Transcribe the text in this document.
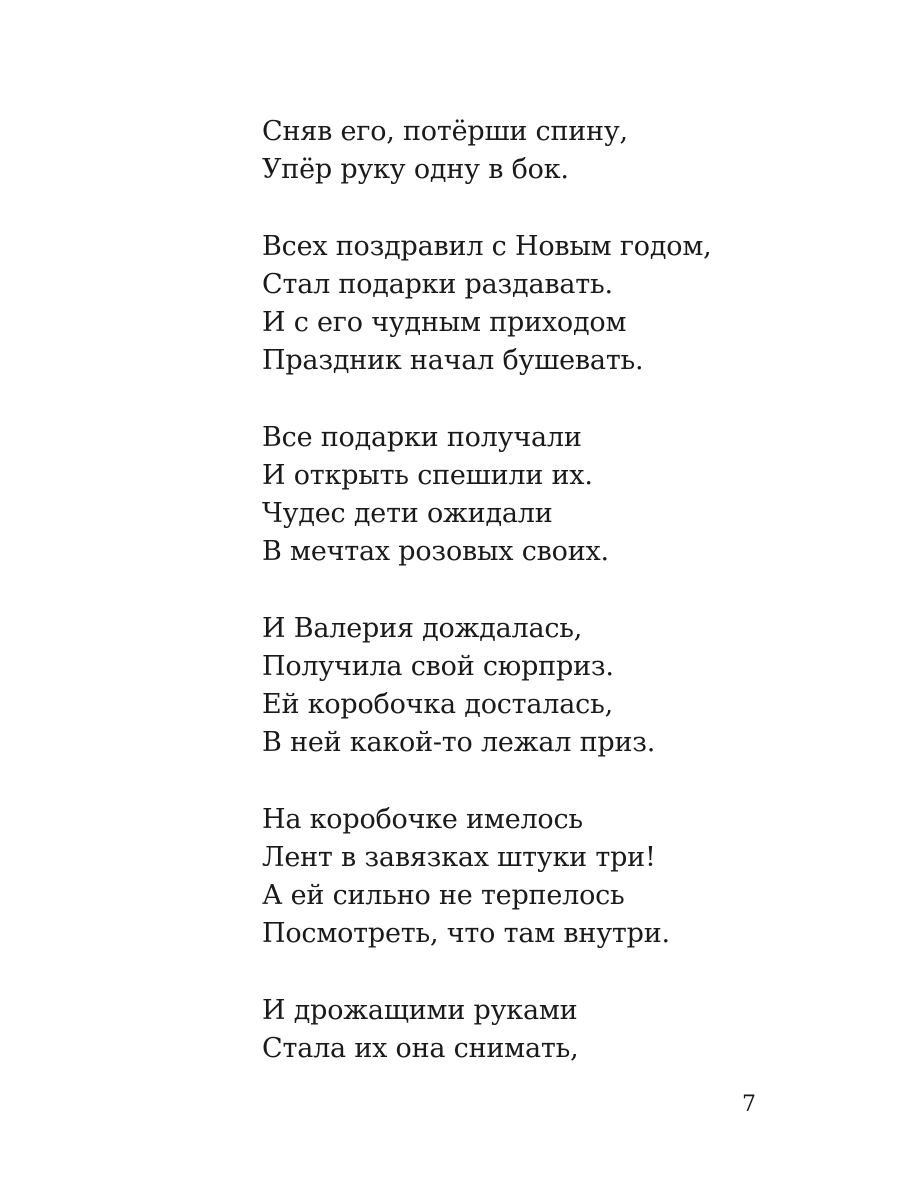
Сняв его, потёрши спину,
Упёр руку одну в бок.
Всех поздравил с Новым годом,
Стал подарки раздавать.
И с его чудным приходом
Праздник начал бушевать.
Все подарки получали
И открыть спешили их.
Чудес дети ожидали
В мечтах розовых своих.
И Валерия дождалась,
Получила свой сюрприз.
Ей коробочка досталась,
В ней какой-то лежал приз.
На коробочке имелось
Лент в завязках штуки три!
А ей сильно не терпелось
Посмотреть, что там внутри.
И дрожащими руками
Стала их она снимать,
7
